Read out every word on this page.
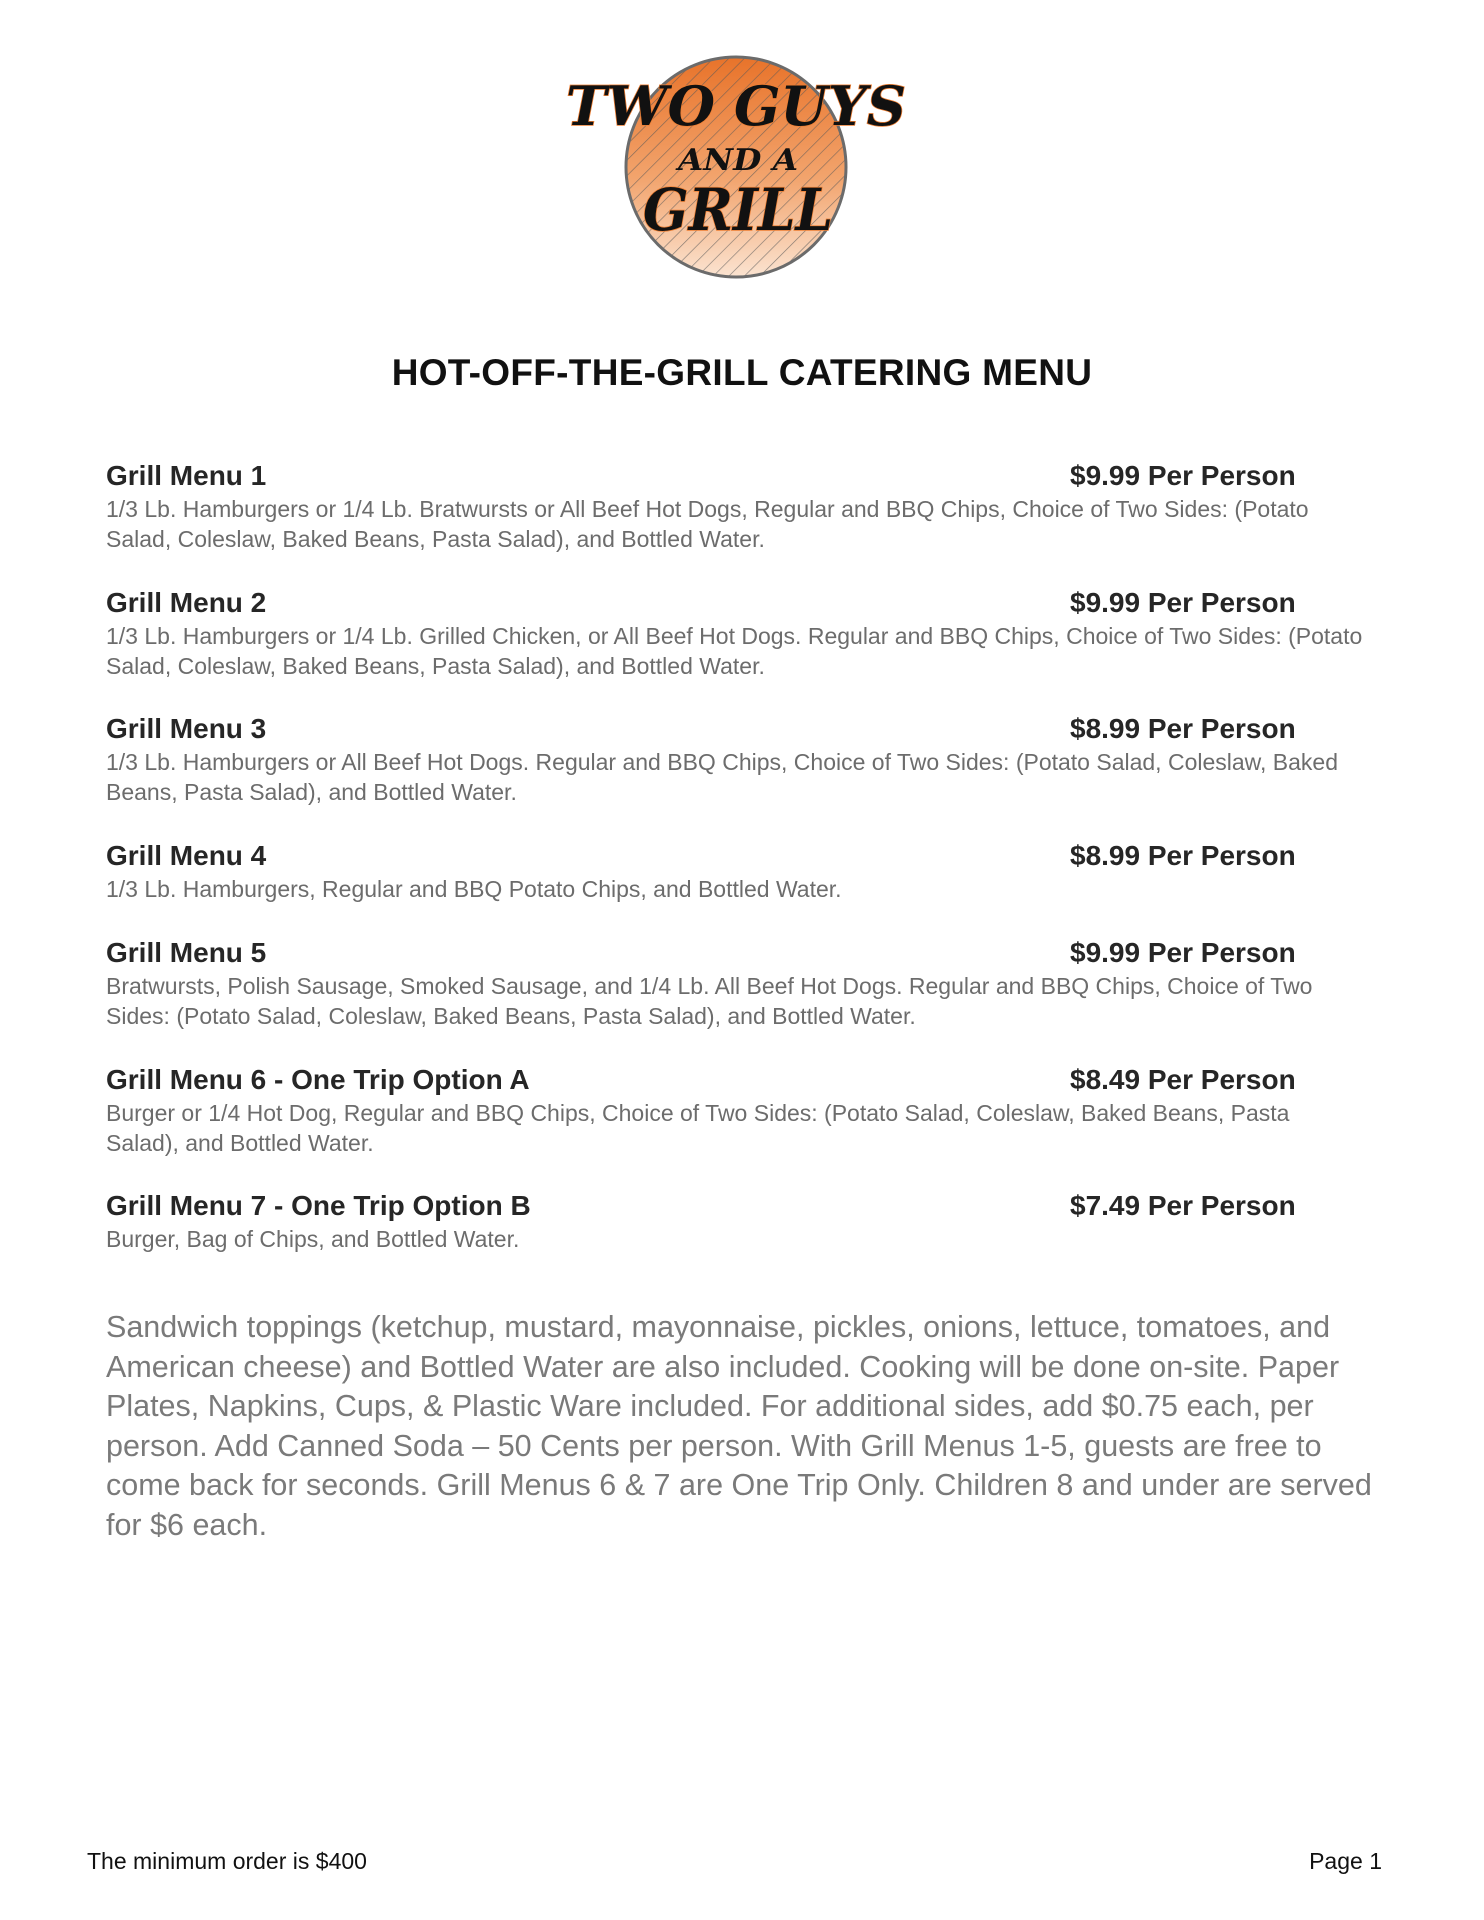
TWO GUYS
AND A
GRILL
HOT-OFF-THE-GRILL CATERING MENU
Grill Menu 1	$9.99 Per Person
1/3 Lb. Hamburgers or 1/4 Lb. Bratwursts or All Beef Hot Dogs, Regular and BBQ Chips, Choice of Two Sides: (Potato Salad, Coleslaw, Baked Beans, Pasta Salad), and Bottled Water.
Grill Menu 2	$9.99 Per Person
1/3 Lb. Hamburgers or 1/4 Lb. Grilled Chicken, or All Beef Hot Dogs. Regular and BBQ Chips, Choice of Two Sides: (Potato Salad, Coleslaw, Baked Beans, Pasta Salad), and Bottled Water.
Grill Menu 3	$8.99 Per Person
1/3 Lb. Hamburgers or All Beef Hot Dogs. Regular and BBQ Chips, Choice of Two Sides: (Potato Salad, Coleslaw, Baked Beans, Pasta Salad), and Bottled Water.
Grill Menu 4	$8.99 Per Person
1/3 Lb. Hamburgers, Regular and BBQ Potato Chips, and Bottled Water.
Grill Menu 5	$9.99 Per Person
Bratwursts, Polish Sausage, Smoked Sausage, and 1/4 Lb. All Beef Hot Dogs. Regular and BBQ Chips, Choice of Two Sides: (Potato Salad, Coleslaw, Baked Beans, Pasta Salad), and Bottled Water.
Grill Menu 6 - One Trip Option A	$8.49 Per Person
Burger or 1/4 Hot Dog, Regular and BBQ Chips, Choice of Two Sides: (Potato Salad, Coleslaw, Baked Beans, Pasta Salad), and Bottled Water.
Grill Menu 7 - One Trip Option B	$7.49 Per Person
Burger, Bag of Chips, and Bottled Water.
Sandwich toppings (ketchup, mustard, mayonnaise, pickles, onions, lettuce, tomatoes, and American cheese) and Bottled Water are also included. Cooking will be done on-site. Paper Plates, Napkins, Cups, & Plastic Ware included. For additional sides, add $0.75 each, per person. Add Canned Soda – 50 Cents per person. With Grill Menus 1-5, guests are free to come back for seconds. Grill Menus 6 & 7 are One Trip Only. Children 8 and under are served for $6 each.
The minimum order is $400	Page 1
